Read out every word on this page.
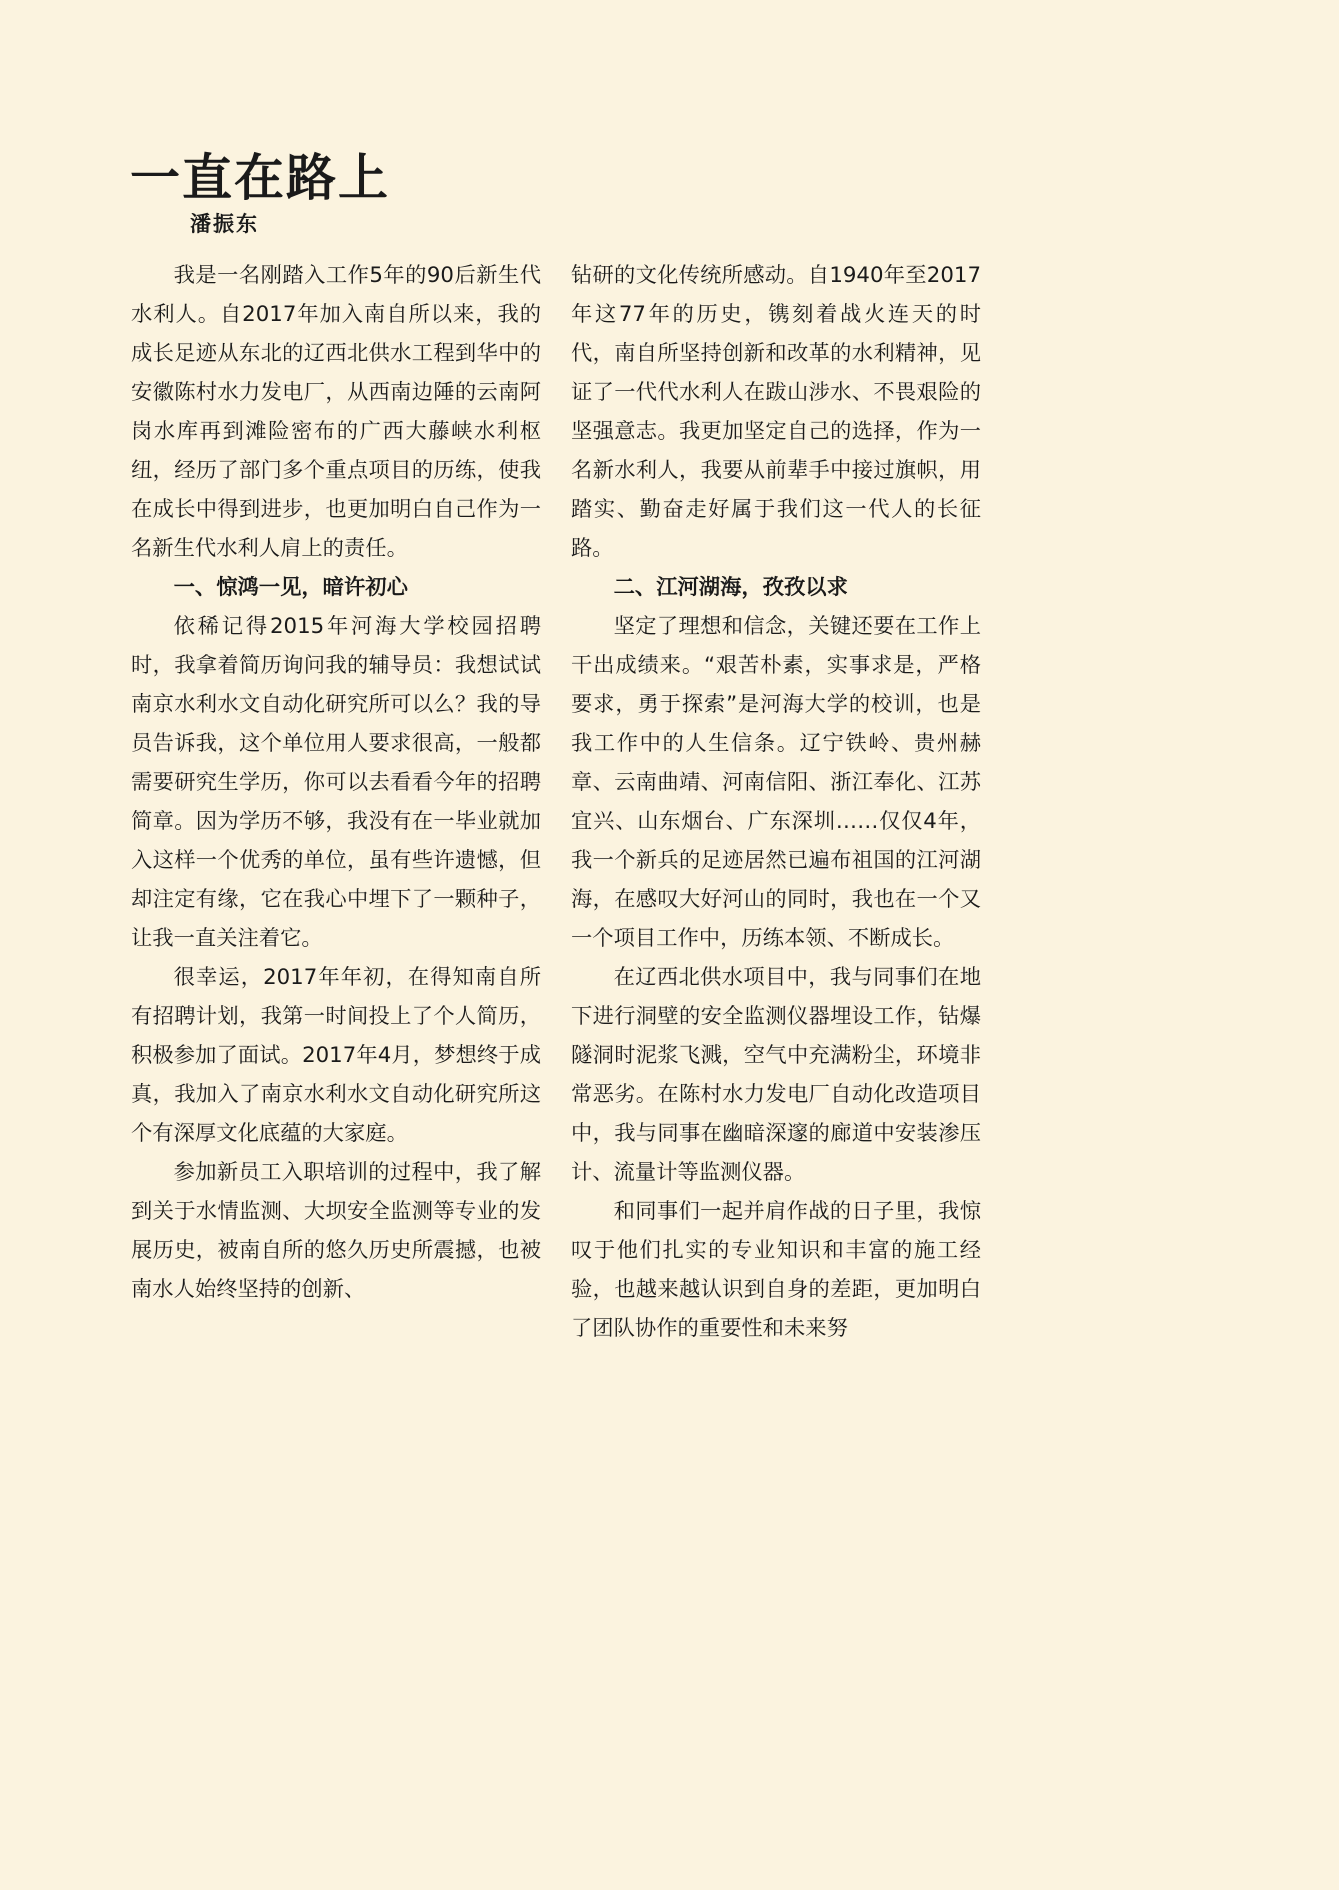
一直在路上
潘振东

我是一名刚踏入工作5年的90后新生代水利人。自2017年加入南自所以来，我的成长足迹从东北的辽西北供水工程到华中的安徽陈村水力发电厂，从西南边陲的云南阿岗水库再到滩险密布的广西大藤峡水利枢纽，经历了部门多个重点项目的历练，使我在成长中得到进步，也更加明白自己作为一名新生代水利人肩上的责任。

一、惊鸿一见，暗许初心

依稀记得2015年河海大学校园招聘时，我拿着简历询问我的辅导员：我想试试南京水利水文自动化研究所可以么？我的导员告诉我，这个单位用人要求很高，一般都需要研究生学历，你可以去看看今年的招聘简章。因为学历不够，我没有在一毕业就加入这样一个优秀的单位，虽有些许遗憾，但却注定有缘，它在我心中埋下了一颗种子，让我一直关注着它。

很幸运，2017年年初，在得知南自所有招聘计划，我第一时间投上了个人简历，积极参加了面试。2017年4月，梦想终于成真，我加入了南京水利水文自动化研究所这个有深厚文化底蕴的大家庭。

参加新员工入职培训的过程中，我了解到关于水情监测、大坝安全监测等专业的发展历史，被南自所的悠久历史所震撼，也被南水人始终坚持的创新、

钻研的文化传统所感动。自1940年至2017年这77年的历史，镌刻着战火连天的时代，南自所坚持创新和改革的水利精神，见证了一代代水利人在跋山涉水、不畏艰险的坚强意志。我更加坚定自己的选择，作为一名新水利人，我要从前辈手中接过旗帜，用踏实、勤奋走好属于我们这一代人的长征路。

二、江河湖海，孜孜以求

坚定了理想和信念，关键还要在工作上干出成绩来。“艰苦朴素，实事求是，严格要求，勇于探索”是河海大学的校训，也是我工作中的人生信条。辽宁铁岭、贵州赫章、云南曲靖、河南信阳、浙江奉化、江苏宜兴、山东烟台、广东深圳……仅仅4年，我一个新兵的足迹居然已遍布祖国的江河湖海，在感叹大好河山的同时，我也在一个又一个项目工作中，历练本领、不断成长。

在辽西北供水项目中，我与同事们在地下进行洞壁的安全监测仪器埋设工作，钻爆隧洞时泥浆飞溅，空气中充满粉尘，环境非常恶劣。在陈村水力发电厂自动化改造项目中，我与同事在幽暗深邃的廊道中安装渗压计、流量计等监测仪器。

和同事们一起并肩作战的日子里，我惊叹于他们扎实的专业知识和丰富的施工经验，也越来越认识到自身的差距，更加明白了团队协作的重要性和未来努
